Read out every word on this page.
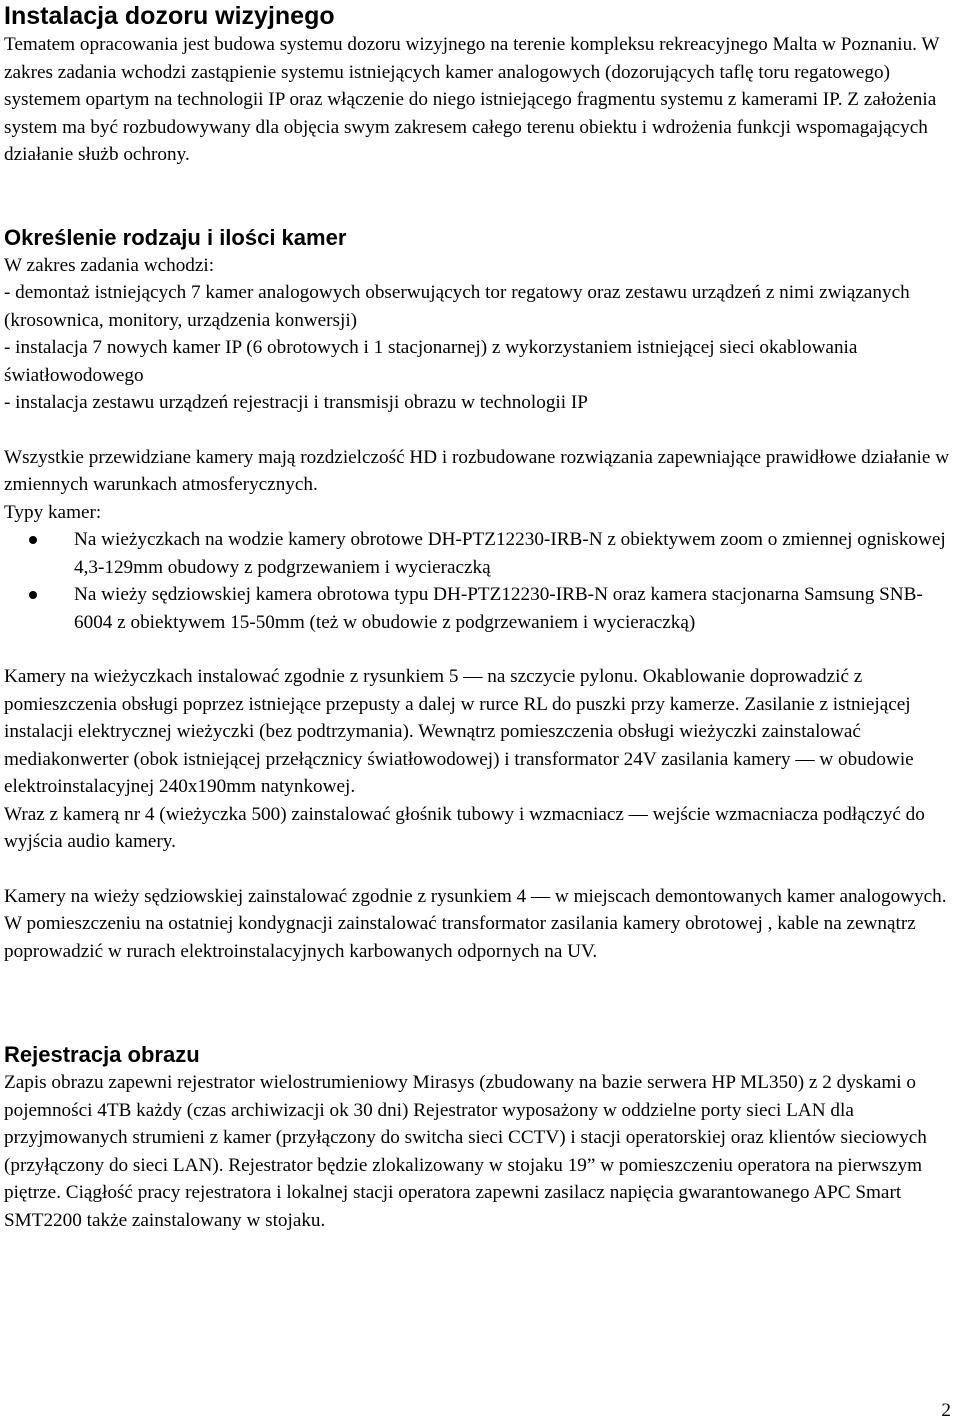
Instalacja dozoru wizyjnego

Tematem opracowania jest budowa systemu dozoru wizyjnego na terenie kompleksu rekreacyjnego Malta w Poznaniu. W zakres zadania wchodzi zastąpienie systemu istniejących kamer analogowych (dozorujących taflę toru regatowego) systemem opartym na technologii IP oraz włączenie do niego istniejącego fragmentu systemu z kamerami IP. Z założenia system ma być rozbudowywany dla objęcia swym zakresem całego terenu obiektu i wdrożenia funkcji wspomagających działanie służb ochrony.

Określenie rodzaju i ilości kamer

W zakres zadania wchodzi:

- demontaż istniejących 7 kamer analogowych obserwujących tor regatowy oraz zestawu urządzeń z nimi związanych (krosownica, monitory, urządzenia konwersji)

- instalacja 7 nowych kamer IP (6 obrotowych i 1 stacjonarnej) z wykorzystaniem istniejącej sieci okablowania światłowodowego

- instalacja zestawu urządzeń rejestracji i transmisji obrazu w technologii IP

Wszystkie przewidziane kamery mają rozdzielczość HD i rozbudowane rozwiązania zapewniające prawidłowe działanie w zmiennych warunkach atmosferycznych.

Typy kamer:

Na wieżyczkach na wodzie kamery obrotowe DH-PTZ12230-IRB-N z obiektywem zoom o zmiennej ogniskowej 4,3-129mm obudowy z podgrzewaniem i wycieraczką
Na wieży sędziowskiej kamera obrotowa typu DH-PTZ12230-IRB-N oraz kamera stacjonarna Samsung SNB-6004 z obiektywem 15-50mm (też w obudowie z podgrzewaniem i wycieraczką)

Kamery na wieżyczkach instalować zgodnie z rysunkiem 5 — na szczycie pylonu. Okablowanie doprowadzić z pomieszczenia obsługi poprzez istniejące przepusty a dalej w rurce RL do puszki przy kamerze. Zasilanie z istniejącej instalacji elektrycznej wieżyczki (bez podtrzymania). Wewnątrz pomieszczenia obsługi wieżyczki zainstalować mediakonwerter (obok istniejącej przełącznicy światłowodowej) i transformator 24V zasilania kamery — w obudowie elektroinstalacyjnej 240x190mm natynkowej.

Wraz z kamerą nr 4 (wieżyczka 500) zainstalować głośnik tubowy i wzmacniacz — wejście wzmacniacza podłączyć do wyjścia audio kamery.

Kamery na wieży sędziowskiej zainstalować zgodnie z rysunkiem 4 — w miejscach demontowanych kamer analogowych. W pomieszczeniu na ostatniej kondygnacji zainstalować transformator zasilania kamery obrotowej , kable na zewnątrz poprowadzić w rurach elektroinstalacyjnych karbowanych odpornych na UV.

Rejestracja obrazu

Zapis obrazu zapewni rejestrator wielostrumieniowy Mirasys (zbudowany na bazie serwera HP ML350) z 2 dyskami o pojemności 4TB każdy (czas archiwizacji ok 30 dni) Rejestrator wyposażony w oddzielne porty sieci LAN dla przyjmowanych strumieni z kamer (przyłączony do switcha sieci CCTV) i stacji operatorskiej oraz klientów sieciowych (przyłączony do sieci LAN). Rejestrator będzie zlokalizowany w stojaku 19” w pomieszczeniu operatora na pierwszym piętrze. Ciągłość pracy rejestratora i lokalnej stacji operatora zapewni zasilacz napięcia gwarantowanego APC Smart SMT2200 także zainstalowany w stojaku.

2
